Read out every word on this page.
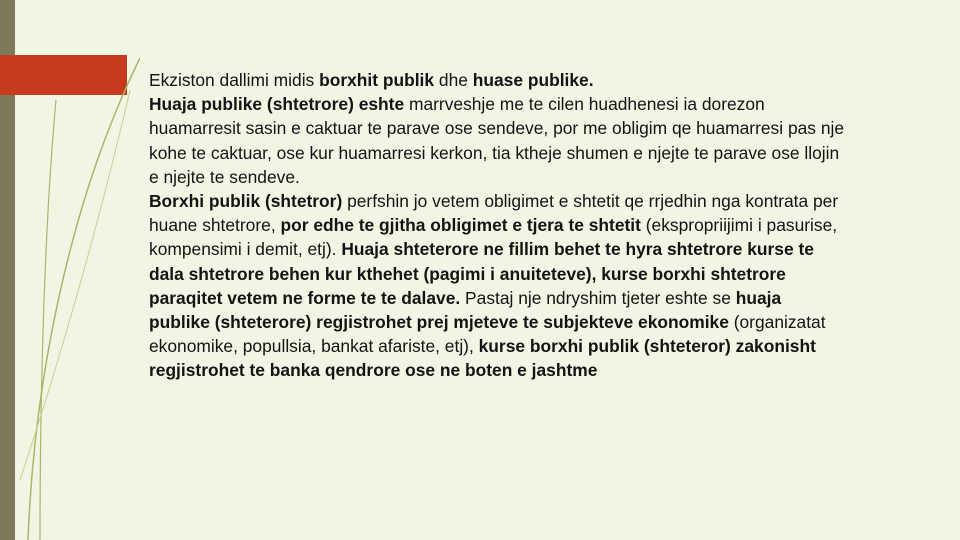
Ekziston dallimi midis borxhit publik dhe huase publike.

Huaja publike (shtetrore) eshte marrveshje me te cilen huadhenesi ia dorezon huamarresit sasin e caktuar te parave ose sendeve, por me obligim qe huamarresi pas nje kohe te caktuar, ose kur huamarresi kerkon, tia ktheje shumen e njejte te parave ose llojin e njejte te sendeve.

Borxhi publik (shtetror) perfshin jo vetem obligimet e shtetit qe rrjedhin nga kontrata per huane shtetrore, por edhe te gjitha obligimet e tjera te shtetit (ekspropriijimi i pasurise, kompensimi i demit, etj). Huaja shteterore ne fillim behet te hyra shtetrore kurse te dala shtetrore behen kur kthehet (pagimi i anuiteteve), kurse borxhi shtetrore paraqitet vetem ne forme te te dalave. Pastaj nje ndryshim tjeter eshte se huaja publike (shteterore) regjistrohet prej mjeteve te subjekteve ekonomike (organizatat ekonomike, popullsia, bankat afariste, etj), kurse borxhi publik (shteteror) zakonisht regjistrohet te banka qendrore ose ne boten e jashtme
